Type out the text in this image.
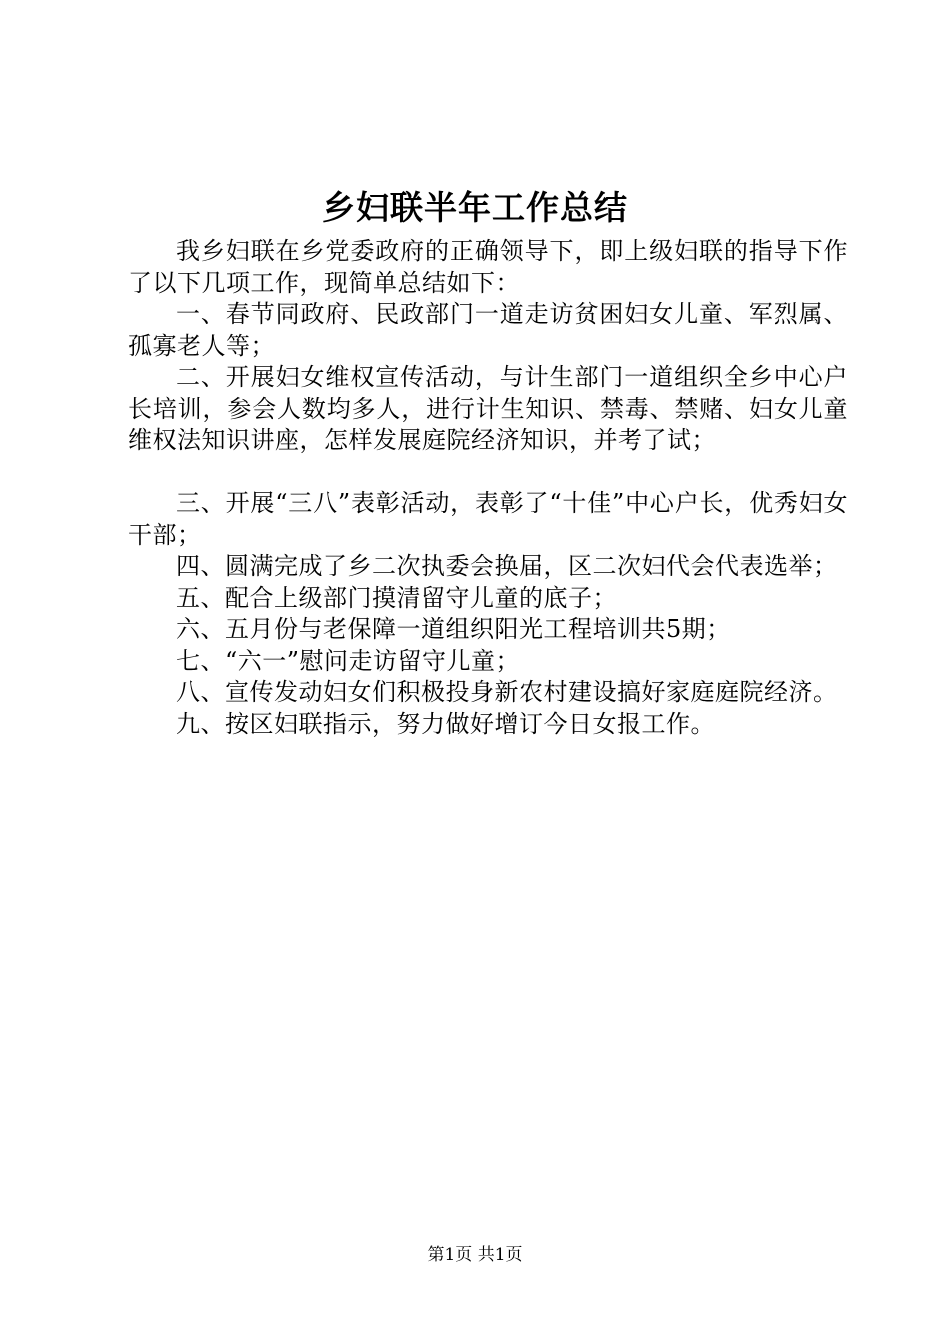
乡妇联半年工作总结

我乡妇联在乡党委政府的正确领导下，即上级妇联的指导下作了以下几项工作，现简单总结如下：

一、春节同政府、民政部门一道走访贫困妇女儿童、军烈属、孤寡老人等；

二、开展妇女维权宣传活动，与计生部门一道组织全乡中心户长培训，参会人数均多人，进行计生知识、禁毒、禁赌、妇女儿童维权法知识讲座，怎样发展庭院经济知识，并考了试；

三、开展“三八”表彰活动，表彰了“十佳”中心户长，优秀妇女干部；

四、圆满完成了乡二次执委会换届，区二次妇代会代表选举；

五、配合上级部门摸清留守儿童的底子；

六、五月份与老保障一道组织阳光工程培训共5期；

七、“六一”慰问走访留守儿童；

八、宣传发动妇女们积极投身新农村建设搞好家庭庭院经济。

九、按区妇联指示，努力做好增订今日女报工作。

第1页 共1页
